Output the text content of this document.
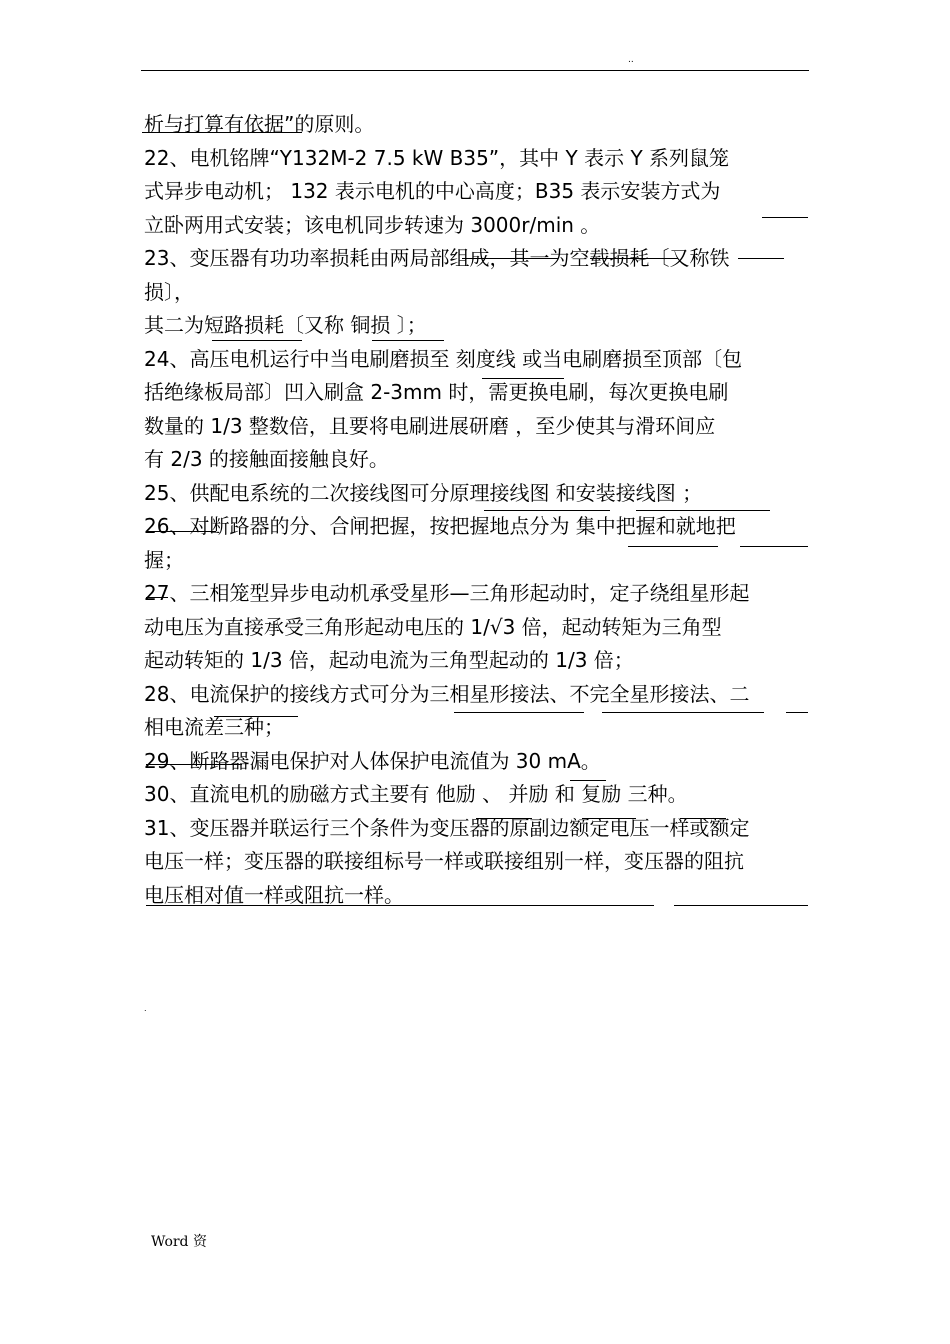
..
析与打算有依据”的原则。
22、电机铭牌“Y132M-2 7.5 kW B35”，其中 Y 表示 Y 系列鼠笼
式异步电动机； 132 表示电机的中心高度；B35 表示安装方式为
立卧两用式安装；该电机同步转速为 3000r/min 。
23、变压器有功功率损耗由两局部组成，其一为空载损耗〔又称铁
损〕，
其二为短路损耗〔又称 铜损 〕；
24、高压电机运行中当电刷磨损至 刻度线 或当电刷磨损至顶部〔包
括绝缘板局部〕凹入刷盒 2-3mm 时，需更换电刷，每次更换电刷
数量的 1/3 整数倍，且要将电刷进展研磨 ，至少使其与滑环间应
有 2/3 的接触面接触良好。
25、供配电系统的二次接线图可分原理接线图 和安装接线图 ；
26、对断路器的分、合闸把握，按把握地点分为 集中把握和就地把
握；
27、三相笼型异步电动机承受星形—三角形起动时，定子绕组星形起
动电压为直接承受三角形起动电压的 1/√3 倍，起动转矩为三角型
起动转矩的 1/3 倍，起动电流为三角型起动的 1/3 倍；
28、电流保护的接线方式可分为三相星形接法、不完全星形接法、二
相电流差三种；
29、断路器漏电保护对人体保护电流值为 30 mA。
30、直流电机的励磁方式主要有 他励 、 并励 和 复励 三种。
31、变压器并联运行三个条件为变压器的原副边额定电压一样或额定
电压一样；变压器的联接组标号一样或联接组别一样，变压器的阻抗
电压相对值一样或阻抗一样。
.
Word 资
